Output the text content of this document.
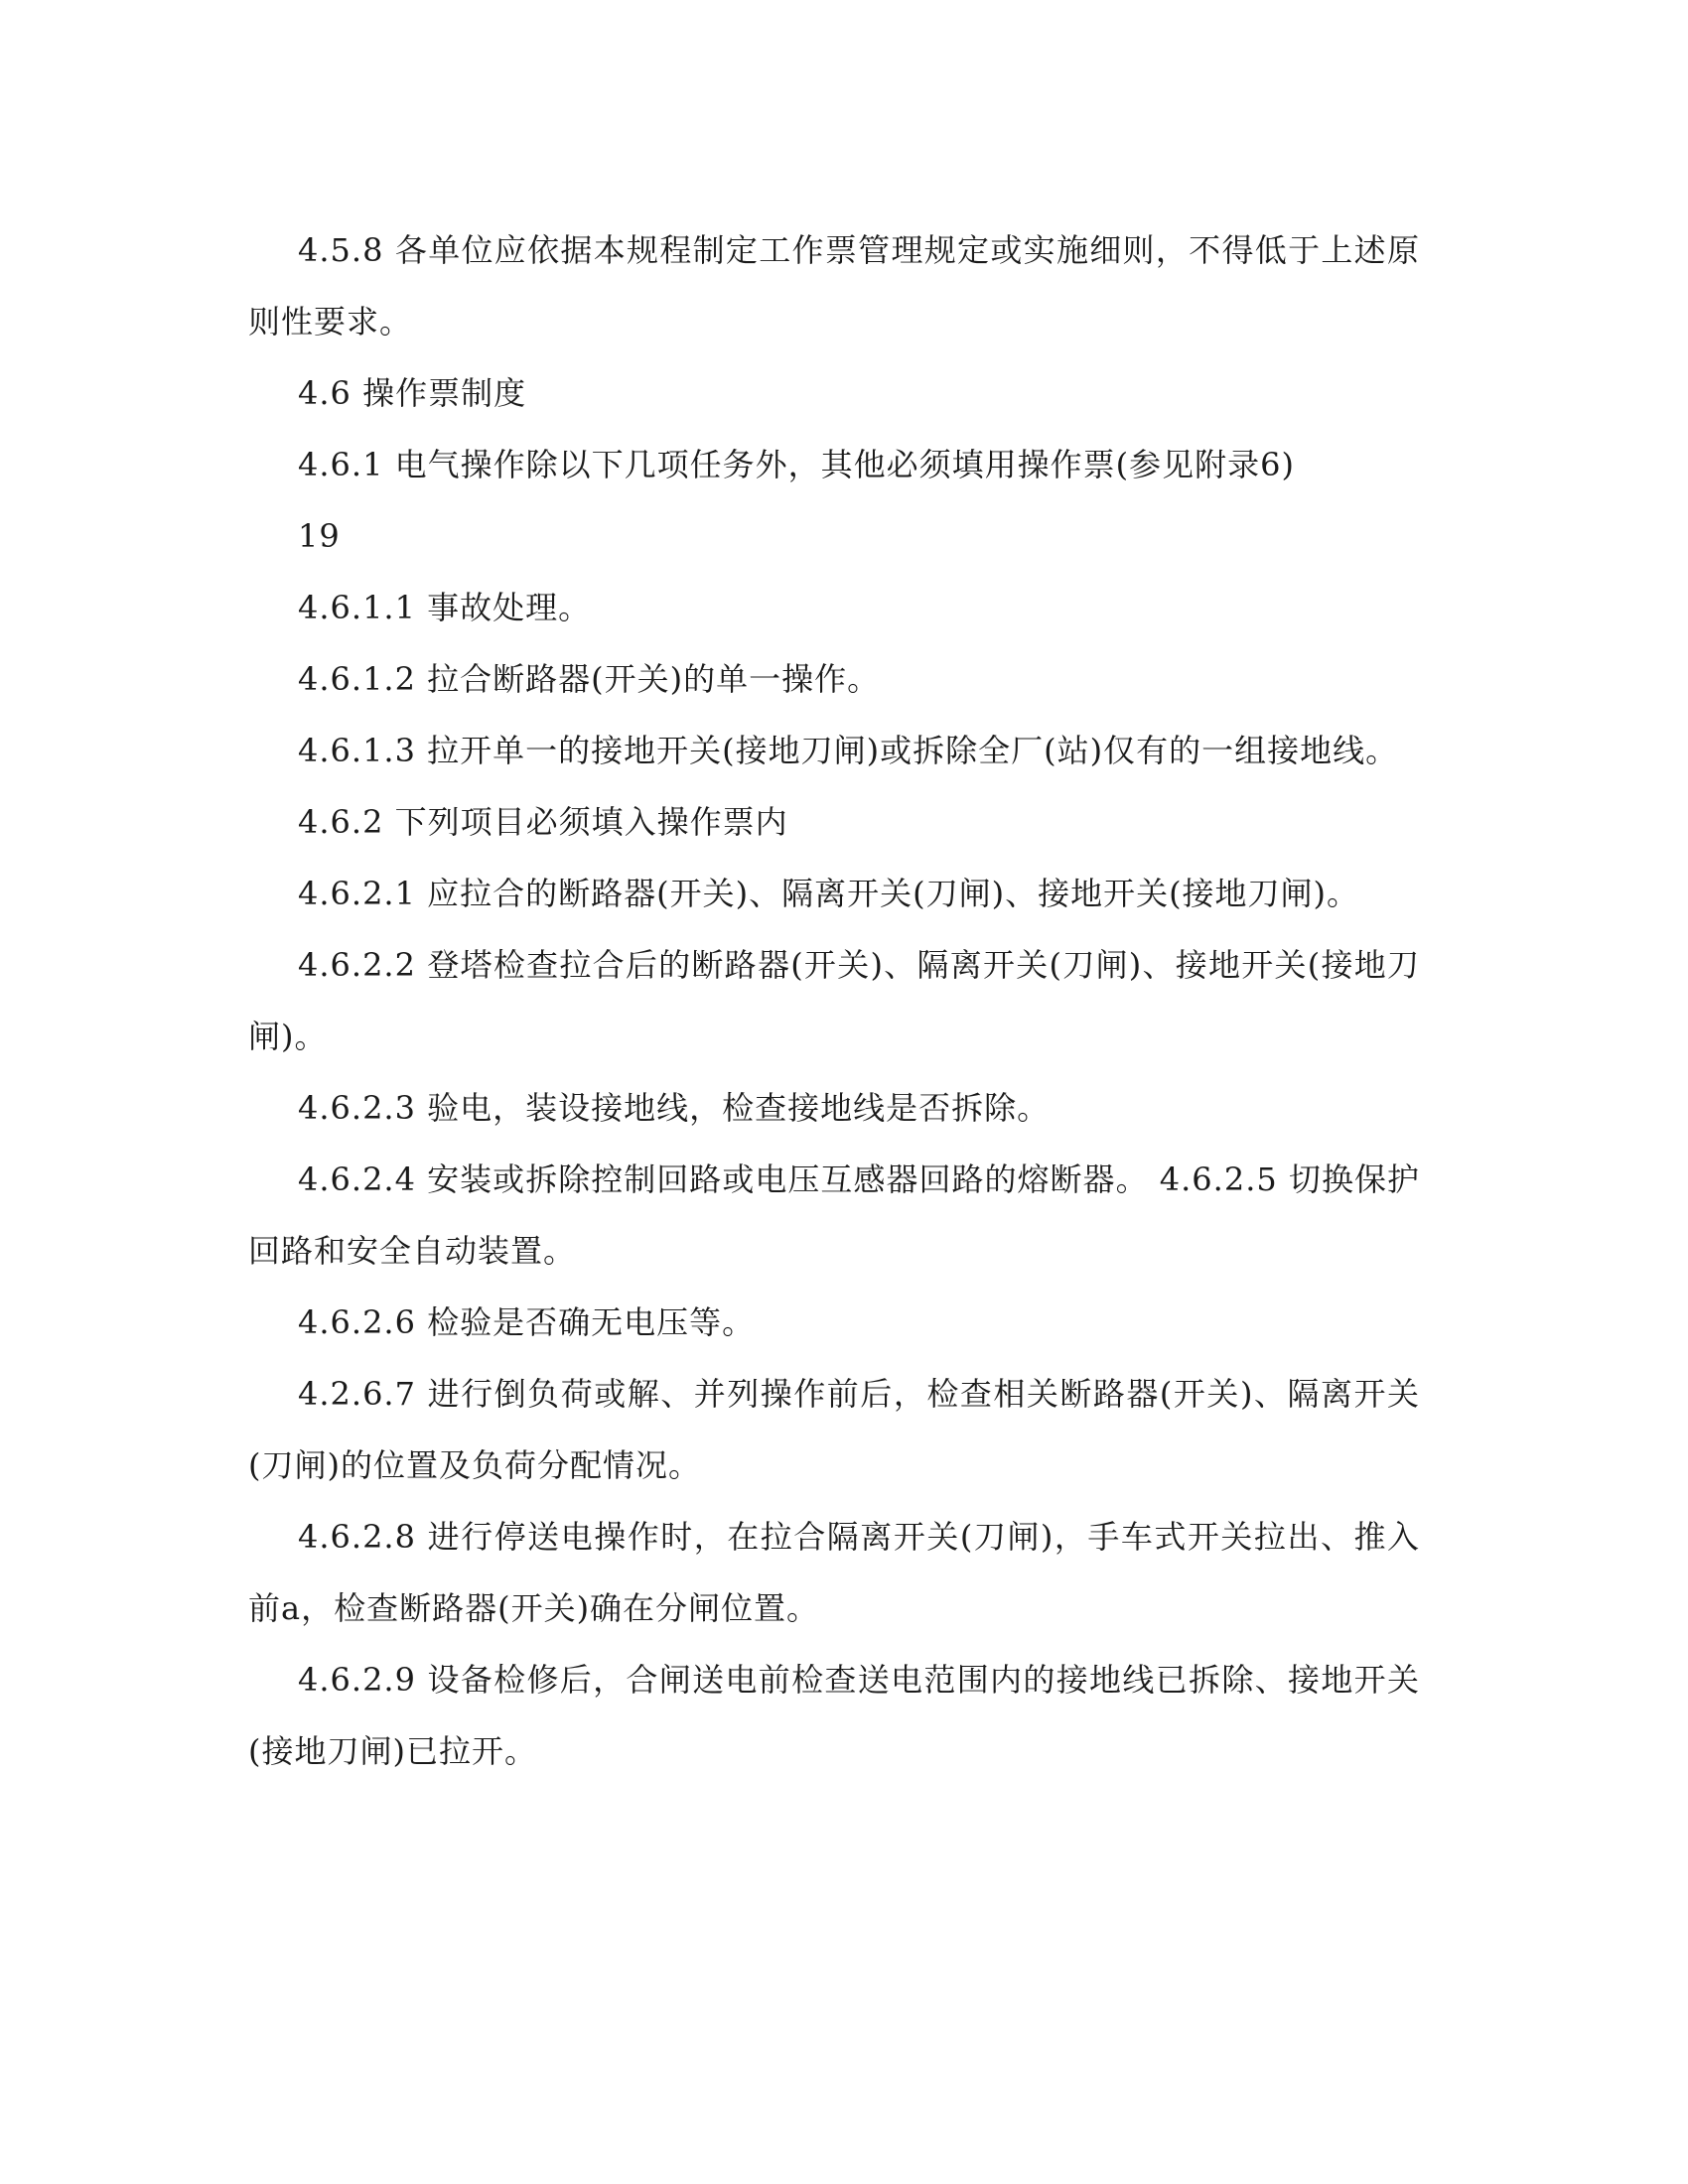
4.5.8 各单位应依据本规程制定工作票管理规定或实施细则，不得低于上述原则性要求。

4.6 操作票制度

4.6.1 电气操作除以下几项任务外，其他必须填用操作票(参见附录6)

19

4.6.1.1 事故处理。

4.6.1.2 拉合断路器(开关)的单一操作。

4.6.1.3 拉开单一的接地开关(接地刀闸)或拆除全厂(站)仅有的一组接地线。

4.6.2 下列项目必须填入操作票内

4.6.2.1 应拉合的断路器(开关)、隔离开关(刀闸)、接地开关(接地刀闸)。

4.6.2.2 登塔检查拉合后的断路器(开关)、隔离开关(刀闸)、接地开关(接地刀闸)。

4.6.2.3 验电，装设接地线，检查接地线是否拆除。

4.6.2.4 安装或拆除控制回路或电压互感器回路的熔断器。 4.6.2.5 切换保护回路和安全自动装置。

4.6.2.6 检验是否确无电压等。

4.2.6.7 进行倒负荷或解、并列操作前后，检查相关断路器(开关)、隔离开关(刀闸)的位置及负荷分配情况。

4.6.2.8 进行停送电操作时，在拉合隔离开关(刀闸)，手车式开关拉出、推入前a，检查断路器(开关)确在分闸位置。

4.6.2.9 设备检修后，合闸送电前检查送电范围内的接地线已拆除、接地开关(接地刀闸)已拉开。
